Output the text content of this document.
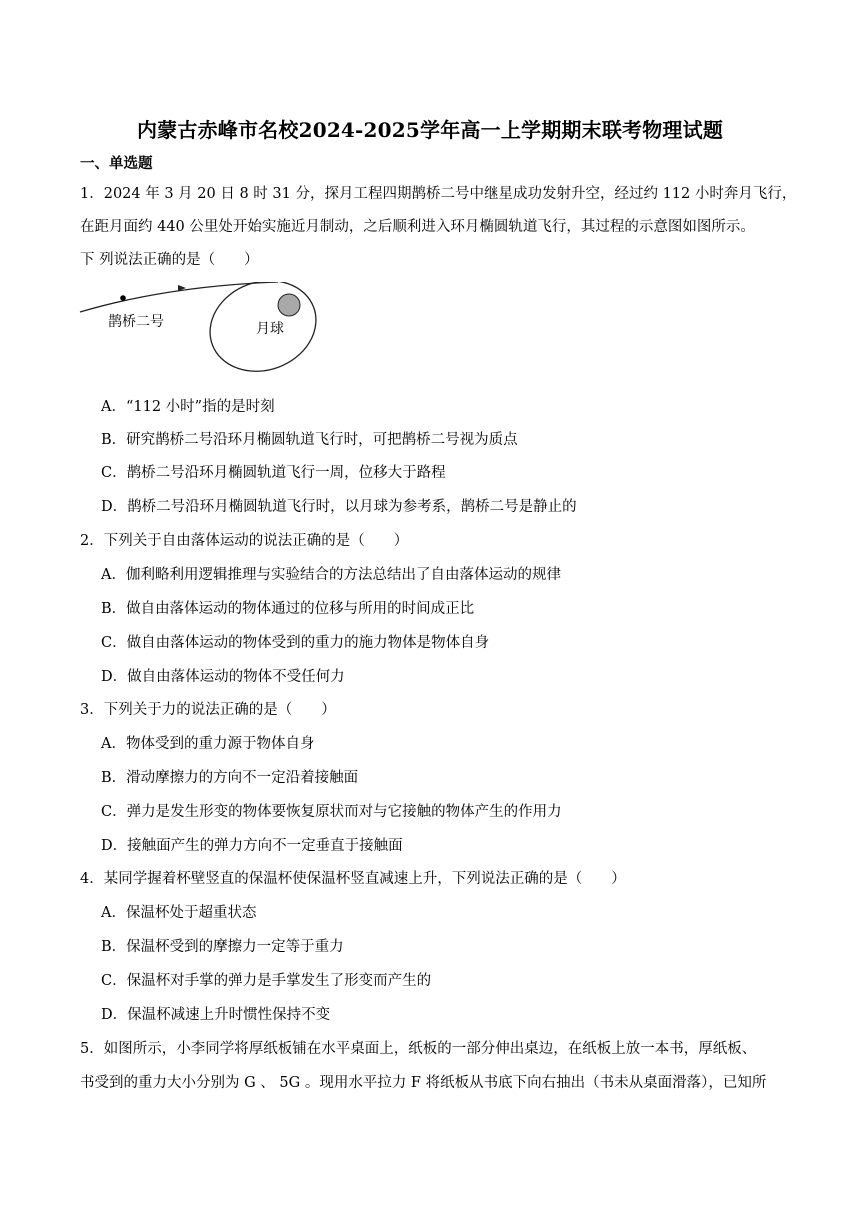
内蒙古赤峰市名校2024-2025学年高一上学期期末联考物理试题
一、单选题
1．2024 年 3 月 20 日 8 时 31 分，探月工程四期鹊桥二号中继星成功发射升空，经过约 112 小时奔月飞行，
在距月面约 440 公里处开始实施近月制动，之后顺利进入环月椭圆轨道飞行，其过程的示意图如图所示。
下 列说法正确的是（　　）
鹊桥二号	月球
A．“112 小时”指的是时刻
B．研究鹊桥二号沿环月椭圆轨道飞行时，可把鹊桥二号视为质点
C．鹊桥二号沿环月椭圆轨道飞行一周，位移大于路程
D．鹊桥二号沿环月椭圆轨道飞行时，以月球为参考系，鹊桥二号是静止的
2．下列关于自由落体运动的说法正确的是（　　）
A．伽利略利用逻辑推理与实验结合的方法总结出了自由落体运动的规律
B．做自由落体运动的物体通过的位移与所用的时间成正比
C．做自由落体运动的物体受到的重力的施力物体是物体自身
D．做自由落体运动的物体不受任何力
3．下列关于力的说法正确的是（　　）
A．物体受到的重力源于物体自身
B．滑动摩擦力的方向不一定沿着接触面
C．弹力是发生形变的物体要恢复原状而对与它接触的物体产生的作用力
D．接触面产生的弹力方向不一定垂直于接触面
4．某同学握着杯壁竖直的保温杯使保温杯竖直减速上升，下列说法正确的是（　　）
A．保温杯处于超重状态
B．保温杯受到的摩擦力一定等于重力
C．保温杯对手掌的弹力是手掌发生了形变而产生的
D．保温杯减速上升时惯性保持不变
5．如图所示，小李同学将厚纸板铺在水平桌面上，纸板的一部分伸出桌边，在纸板上放一本书，厚纸板、
书受到的重力大小分别为 G 、 5G 。现用水平拉力 F 将纸板从书底下向右抽出（书未从桌面滑落），已知所
